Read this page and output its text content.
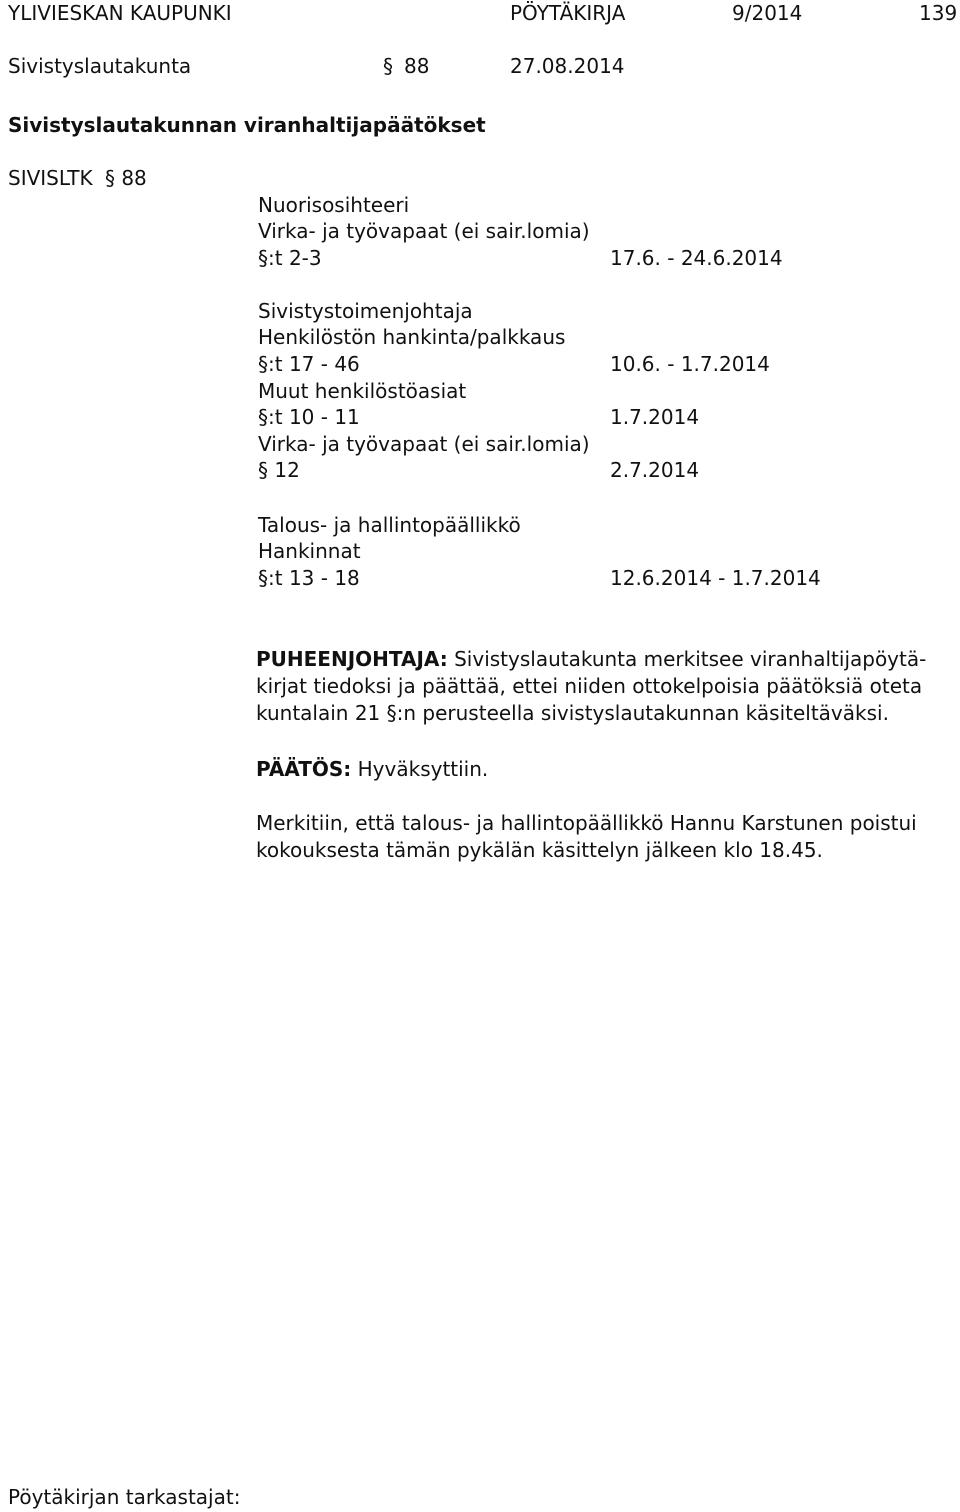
YLIVIESKAN KAUPUNKI	PÖYTÄKIRJA	9/2014	139
Sivistyslautakunta	§ 88	27.08.2014
Sivistyslautakunnan viranhaltijapäätökset
SIVISLTK § 88
Nuorisosihteeri
Virka- ja työvapaat (ei sair.lomia)
§:t 2-3	17.6. - 24.6.2014
Sivistystoimenjohtaja
Henkilöstön hankinta/palkkaus
§:t 17 - 46	10.6. - 1.7.2014
Muut henkilöstöasiat
§:t 10 - 11	1.7.2014
Virka- ja työvapaat (ei sair.lomia)
§ 12	2.7.2014
Talous- ja hallintopäällikkö
Hankinnat
§:t 13 - 18	12.6.2014 - 1.7.2014
PUHEENJOHTAJA: Sivistyslautakunta merkitsee viranhaltijapöytä-
kirjat tiedoksi ja päättää, ettei niiden ottokelpoisia päätöksiä oteta
kuntalain 21 §:n perusteella sivistyslautakunnan käsiteltäväksi.
PÄÄTÖS: Hyväksyttiin.
Merkitiin, että talous- ja hallintopäällikkö Hannu Karstunen poistui
kokouksesta tämän pykälän käsittelyn jälkeen klo 18.45.
Pöytäkirjan tarkastajat:
